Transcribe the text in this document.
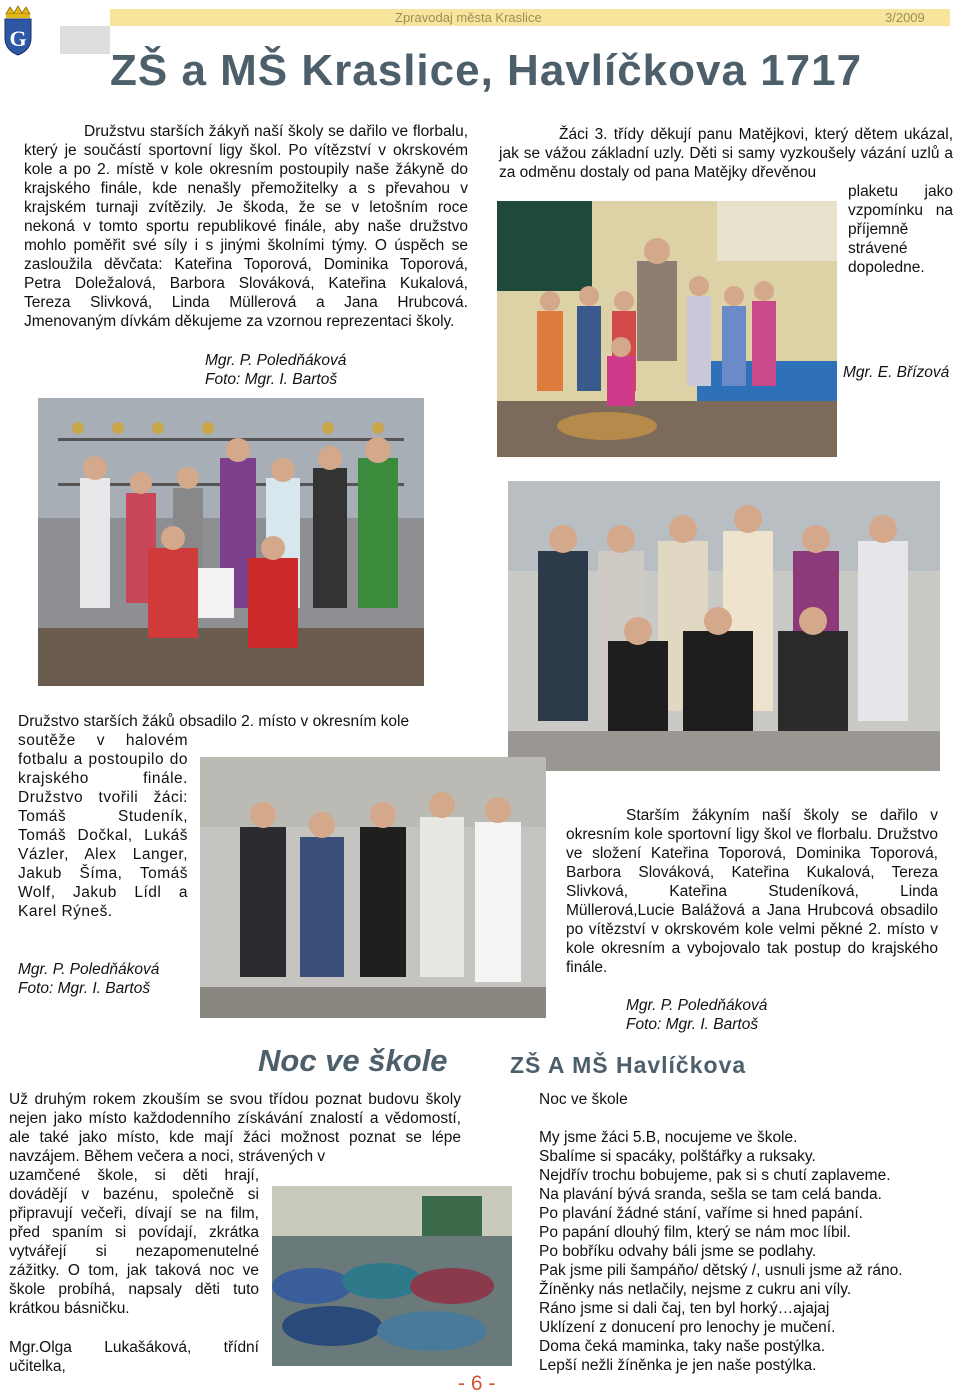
G
Zpravodaj města Kraslice	3/2009
ZŠ a MŠ Kraslice, Havlíčkova 1717
Družstvu starších žákyň naší školy se dařilo ve florbalu, který je součástí sportovní ligy škol. Po vítězství v okrskovém kole a po 2. místě v kole okresním postoupily naše žákyně do krajského finále, kde nenašly přemožitelky a s převahou v krajském turnaji zvítězily. Je škoda, že se v letošním roce nekoná v tomto sportu republikové finále, aby naše družstvo mohlo poměřit své síly i s jinými školními týmy. O úspěch se zasloužila děvčata: Kateřina Toporová, Dominika Toporová, Petra Doležalová, Barbora Slováková, Kateřina Kukalová, Tereza Slivková, Linda Müllerová a Jana Hrubcová. Jmenovaným dívkám děkujeme za vzornou reprezentaci školy.
Mgr. P. Poledňáková
Foto: Mgr. I. Bartoš
Žáci 3. třídy děkují panu Matějkovi, který dětem ukázal, jak se vážou základní uzly. Děti si samy vyzkoušely vázání uzlů a za odměnu dostaly od pana Matějky dřevěnou
plaketu jako vzpomínku na příjemně strávené dopoledne.
Mgr. E. Břízová
Družstvo starších žáků obsadilo 2. místo v okresním kole
soutěže v halovém fotbalu a postoupilo do krajského finále. Družstvo tvořili žáci: Tomáš Studeník, Tomáš Dočkal, Lukáš Vázler, Alex Langer, Jakub Šíma, Tomáš Wolf, Jakub Lídl a Karel Rýneš.
Mgr. P. Poledňáková
Foto: Mgr. I. Bartoš
Starším žákyním naší školy se dařilo v okresním kole sportovní ligy škol ve florbalu. Družstvo ve složení Kateřina Toporová, Dominika Toporová, Barbora Slováková, Kateřina Kukalová, Tereza Slivková, Kateřina Studeníková, Linda Müllerová,Lucie Balážová a Jana Hrubcová obsadilo po vítězství v okrskovém kole velmi pěkné 2. místo v kole okresním a vybojovalo tak postup do krajského finále.
Mgr. P. Poledňáková
Foto: Mgr. I. Bartoš
Noc ve škole	ZŠ A MŠ Havlíčkova
Už druhým rokem zkouším se svou třídou poznat budovu školy nejen jako místo každodenního získávání znalostí a vědomostí, ale také jako místo, kde mají žáci možnost poznat se lépe navzájem. Během večera a noci, strávených v
uzamčené škole, si děti hrají, dovádějí v bazénu, společně si připravují večeři, dívají se na film, před spaním si povídají, zkrátka vytvářejí si nezapomenutelné zážitky. O tom, jak taková noc ve škole probíhá, napsaly děti tuto krátkou básničku.
Mgr.Olga Lukašáková, třídní učitelka,
Noc ve škole
My jsme žáci 5.B, nocujeme ve škole.
Sbalíme si spacáky, polštářky a ruksaky.
Nejdřív trochu bobujeme, pak si s chutí zaplaveme.
Na plavání bývá sranda, sešla se tam celá banda.
Po plavání žádné stání, vaříme si hned papání.
Po papání dlouhý film, který se nám moc líbil.
Po bobříku odvahy báli jsme se podlahy.
Pak jsme pili šampáňo/ dětský /, usnuli jsme až ráno.
Žíněnky nás netlačily, nejsme z cukru ani víly.
Ráno jsme si dali čaj, ten byl horký…ajajaj
Uklízení z donucení pro lenochy je mučení.
Doma čeká maminka, taky naše postýlka.
Lepší nežli žíněnka je jen naše postýlka.
- 6 -
